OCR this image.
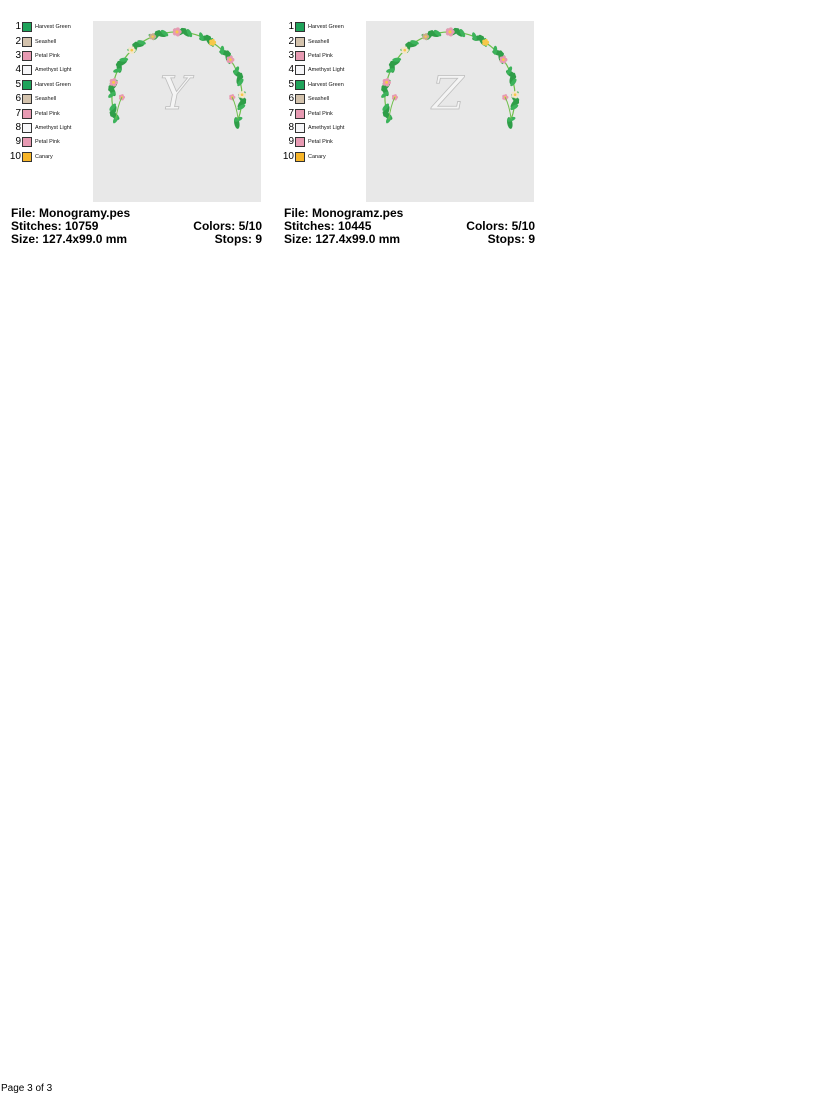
1	Harvest Green
2	Seashell
3	Petal Pink
4	Amethyst Light
5	Harvest Green
6	Seashell
7	Petal Pink
8	Amethyst Light
9	Petal Pink
10	Canary
Y
File: Monogramy.pes
Stitches: 10759	Colors: 5/10
Size: 127.4x99.0 mm	Stops: 9
1	Harvest Green
2	Seashell
3	Petal Pink
4	Amethyst Light
5	Harvest Green
6	Seashell
7	Petal Pink
8	Amethyst Light
9	Petal Pink
10	Canary
Z
File: Monogramz.pes
Stitches: 10445	Colors: 5/10
Size: 127.4x99.0 mm	Stops: 9
Page 3 of 3
